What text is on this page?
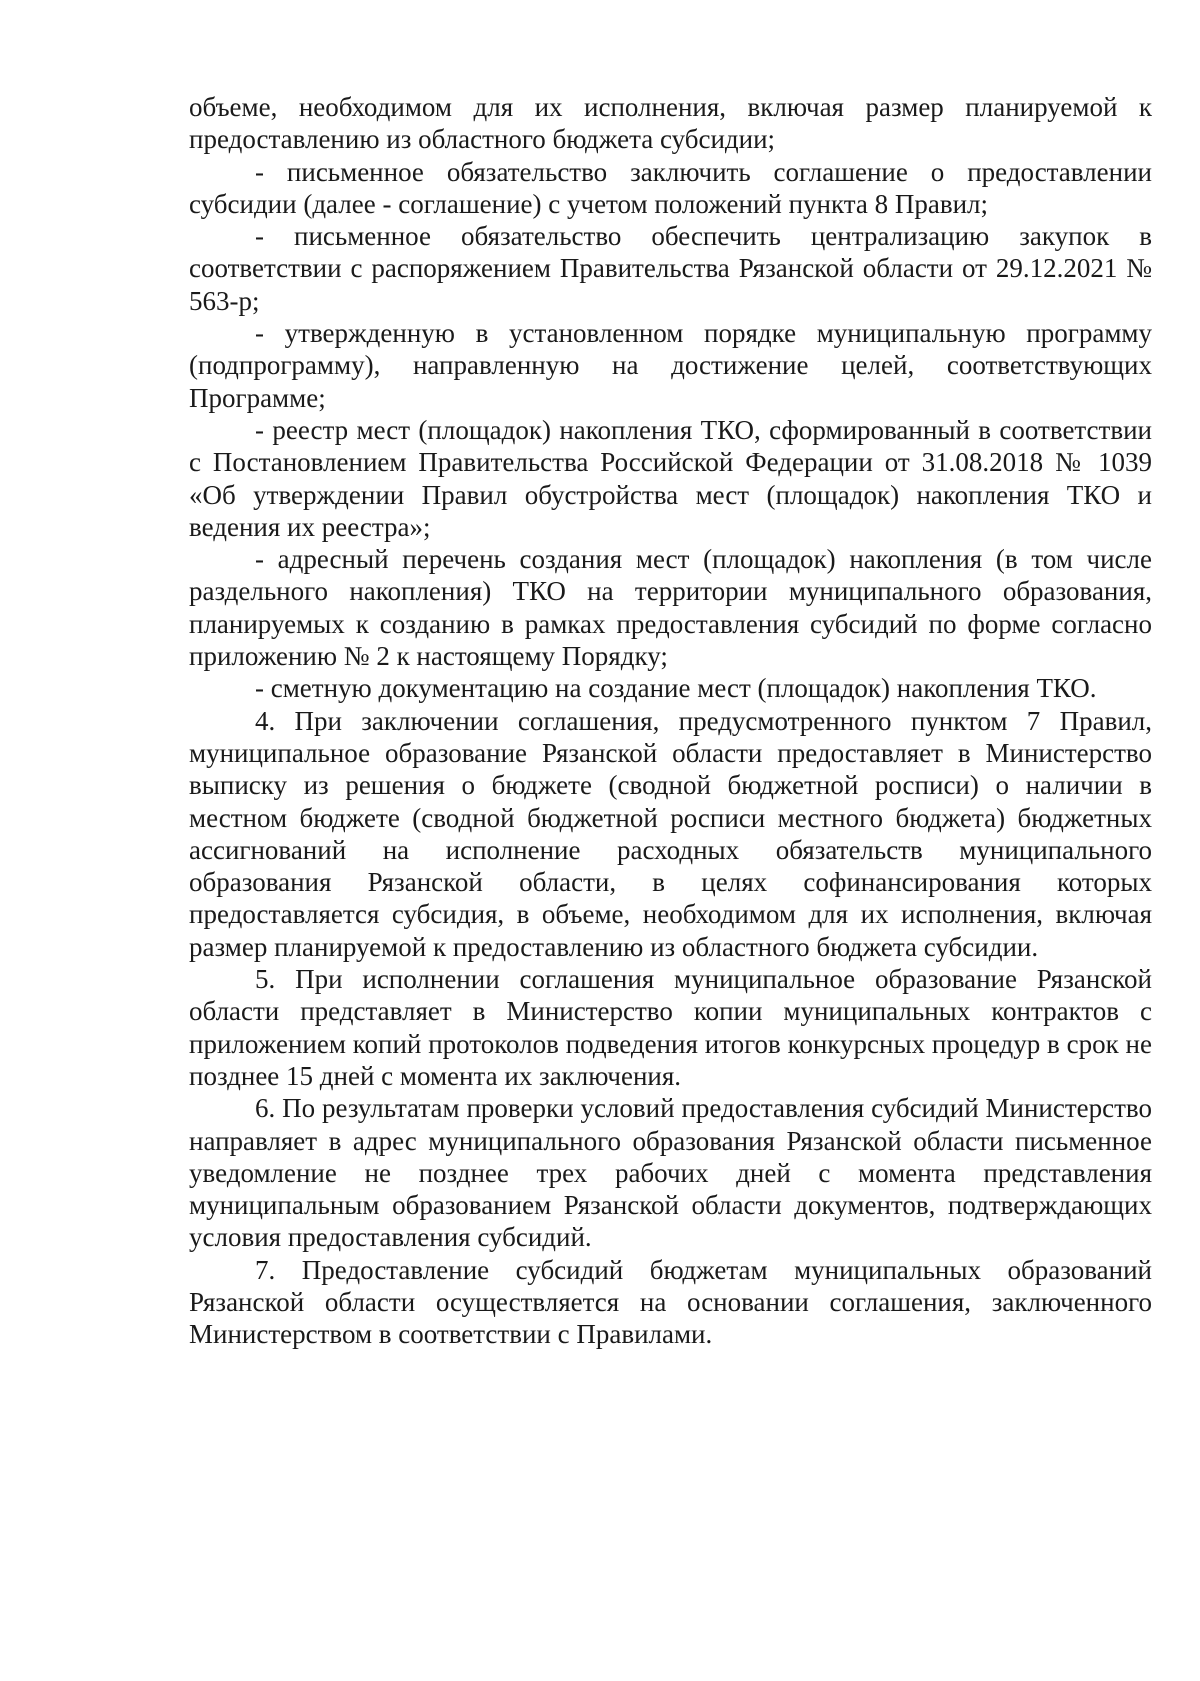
объеме, необходимом для их исполнения, включая размер планируемой к предоставлению из областного бюджета субсидии;

- письменное обязательство заключить соглашение о предоставлении субсидии (далее - соглашение) с учетом положений пункта 8 Правил;

- письменное обязательство обеспечить централизацию закупок в соответствии с распоряжением Правительства Рязанской области от 29.12.2021 № 563-р;

- утвержденную в установленном порядке муниципальную программу (подпрограмму), направленную на достижение целей, соответствующих Программе;

- реестр мест (площадок) накопления ТКО, сформированный в соответствии с Постановлением Правительства Российской Федерации от 31.08.2018 № 1039 «Об утверждении Правил обустройства мест (площадок) накопления ТКО и ведения их реестра»;

- адресный перечень создания мест (площадок) накопления (в том числе раздельного накопления) ТКО на территории муниципального образования, планируемых к созданию в рамках предоставления субсидий по форме согласно приложению № 2 к настоящему Порядку;

- сметную документацию на создание мест (площадок) накопления ТКО.

4. При заключении соглашения, предусмотренного пунктом 7 Правил, муниципальное образование Рязанской области предоставляет в Министерство выписку из решения о бюджете (сводной бюджетной росписи) о наличии в местном бюджете (сводной бюджетной росписи местного бюджета) бюджетных ассигнований на исполнение расходных обязательств муниципального образования Рязанской области, в целях софинансирования которых предоставляется субсидия, в объеме, необходимом для их исполнения, включая размер планируемой к предоставлению из областного бюджета субсидии.

5. При исполнении соглашения муниципальное образование Рязанской области представляет в Министерство копии муниципальных контрактов с приложением копий протоколов подведения итогов конкурсных процедур в срок не позднее 15 дней с момента их заключения.

6. По результатам проверки условий предоставления субсидий Министерство направляет в адрес муниципального образования Рязанской области письменное уведомление не позднее трех рабочих дней с момента представления муниципальным образованием Рязанской области документов, подтверждающих условия предоставления субсидий.

7. Предоставление субсидий бюджетам муниципальных образований Рязанской области осуществляется на основании соглашения, заключенного Министерством в соответствии с Правилами.
